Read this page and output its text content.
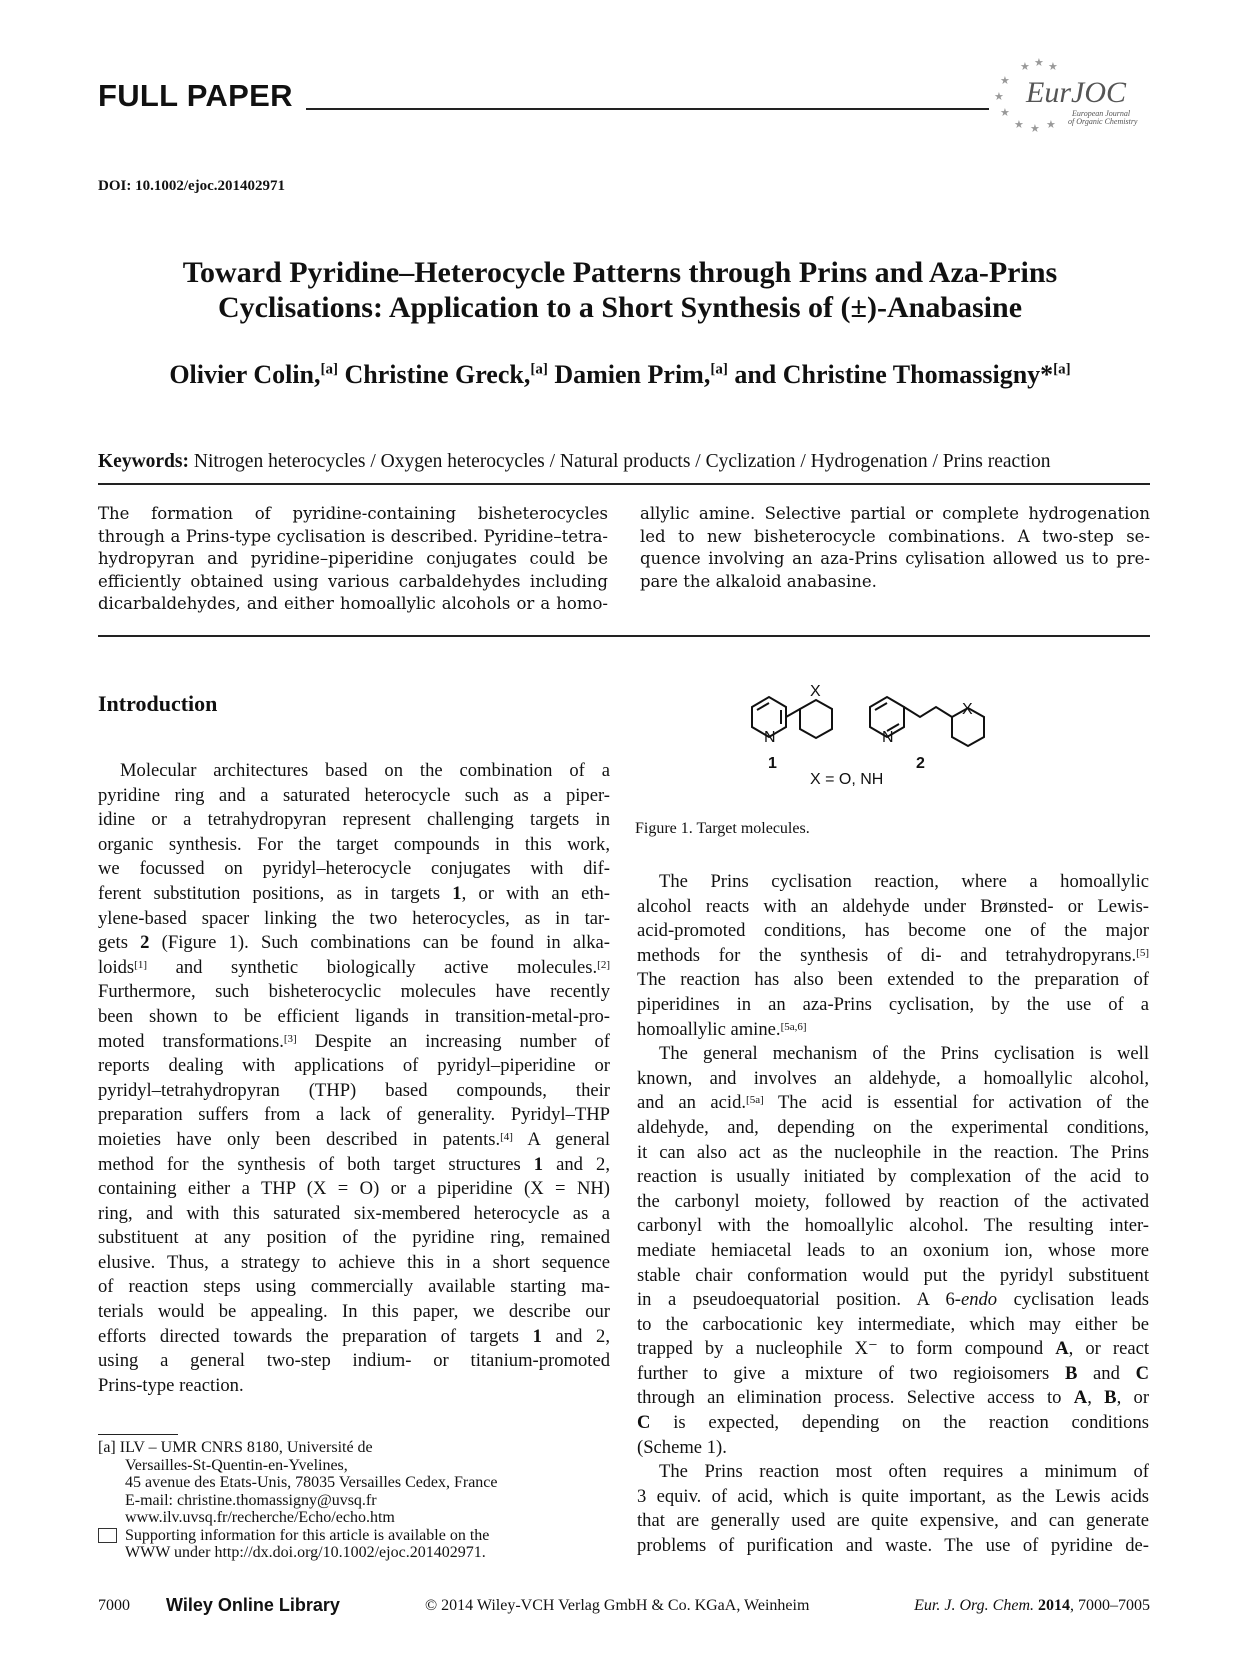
FULL PAPER
★ ★ ★
★
★
★
★ ★ ★
EurJOC
European Journal
of Organic Chemistry
DOI: 10.1002/ejoc.201402971
Toward Pyridine–Heterocycle Patterns through Prins and Aza-Prins
Cyclisations: Application to a Short Synthesis of (±)-Anabasine
Olivier Colin,[a] Christine Greck,[a] Damien Prim,[a] and Christine Thomassigny*[a]
Keywords: Nitrogen heterocycles / Oxygen heterocycles / Natural products / Cyclization / Hydrogenation / Prins reaction
The formation of pyridine-containing bisheterocycles
through a Prins-type cyclisation is described. Pyridine–tetra-
hydropyran and pyridine–piperidine conjugates could be
efficiently obtained using various carbaldehydes including
dicarbaldehydes, and either homoallylic alcohols or a homo-
allylic amine. Selective partial or complete hydrogenation
led to new bisheterocycle combinations. A two-step se-
quence involving an aza-Prins cylisation allowed us to pre-
pare the alkaloid anabasine.
Introduction
Molecular architectures based on the combination of a
pyridine ring and a saturated heterocycle such as a piper-
idine or a tetrahydropyran represent challenging targets in
organic synthesis. For the target compounds in this work,
we focussed on pyridyl–heterocycle conjugates with dif-
ferent substitution positions, as in targets 1, or with an eth-
ylene-based spacer linking the two heterocycles, as in tar-
gets 2 (Figure 1). Such combinations can be found in alka-
loids[1] and synthetic biologically active molecules.[2]
Furthermore, such bisheterocyclic molecules have recently
been shown to be efficient ligands in transition-metal-pro-
moted transformations.[3] Despite an increasing number of
reports dealing with applications of pyridyl–piperidine or
pyridyl–tetrahydropyran (THP) based compounds, their
preparation suffers from a lack of generality. Pyridyl–THP
moieties have only been described in patents.[4] A general
method for the synthesis of both target structures 1 and 2,
containing either a THP (X = O) or a piperidine (X = NH)
ring, and with this saturated six-membered heterocycle as a
substituent at any position of the pyridine ring, remained
elusive. Thus, a strategy to achieve this in a short sequence
of reaction steps using commercially available starting ma-
terials would be appealing. In this paper, we describe our
efforts directed towards the preparation of targets 1 and 2,
using a general two-step indium- or titanium-promoted
Prins-type reaction.
X
N	N
X
1	2
X = O, NH
Figure 1. Target molecules.
The Prins cyclisation reaction, where a homoallylic
alcohol reacts with an aldehyde under Brønsted- or Lewis-
acid-promoted conditions, has become one of the major
methods for the synthesis of di- and tetrahydropyrans.[5]
The reaction has also been extended to the preparation of
piperidines in an aza-Prins cyclisation, by the use of a
homoallylic amine.[5a,6]
The general mechanism of the Prins cyclisation is well
known, and involves an aldehyde, a homoallylic alcohol,
and an acid.[5a] The acid is essential for activation of the
aldehyde, and, depending on the experimental conditions,
it can also act as the nucleophile in the reaction. The Prins
reaction is usually initiated by complexation of the acid to
the carbonyl moiety, followed by reaction of the activated
carbonyl with the homoallylic alcohol. The resulting inter-
mediate hemiacetal leads to an oxonium ion, whose more
stable chair conformation would put the pyridyl substituent
in a pseudoequatorial position. A 6-endo cyclisation leads
to the carbocationic key intermediate, which may either be
trapped by a nucleophile X⁻ to form compound A, or react
further to give a mixture of two regioisomers B and C
through an elimination process. Selective access to A, B, or
C is expected, depending on the reaction conditions
(Scheme 1).
The Prins reaction most often requires a minimum of
3 equiv. of acid, which is quite important, as the Lewis acids
that are generally used are quite expensive, and can generate
problems of purification and waste. The use of pyridine de-
[a] ILV – UMR CNRS 8180, Université de
Versailles-St-Quentin-en-Yvelines,
45 avenue des Etats-Unis, 78035 Versailles Cedex, France
E-mail: christine.thomassigny@uvsq.fr
www.ilv.uvsq.fr/recherche/Echo/echo.htm
Supporting information for this article is available on the
WWW under http://dx.doi.org/10.1002/ejoc.201402971.
7000 Wiley Online Library	© 2014 Wiley-VCH Verlag GmbH & Co. KGaA, Weinheim	Eur. J. Org. Chem. 2014, 7000–7005
